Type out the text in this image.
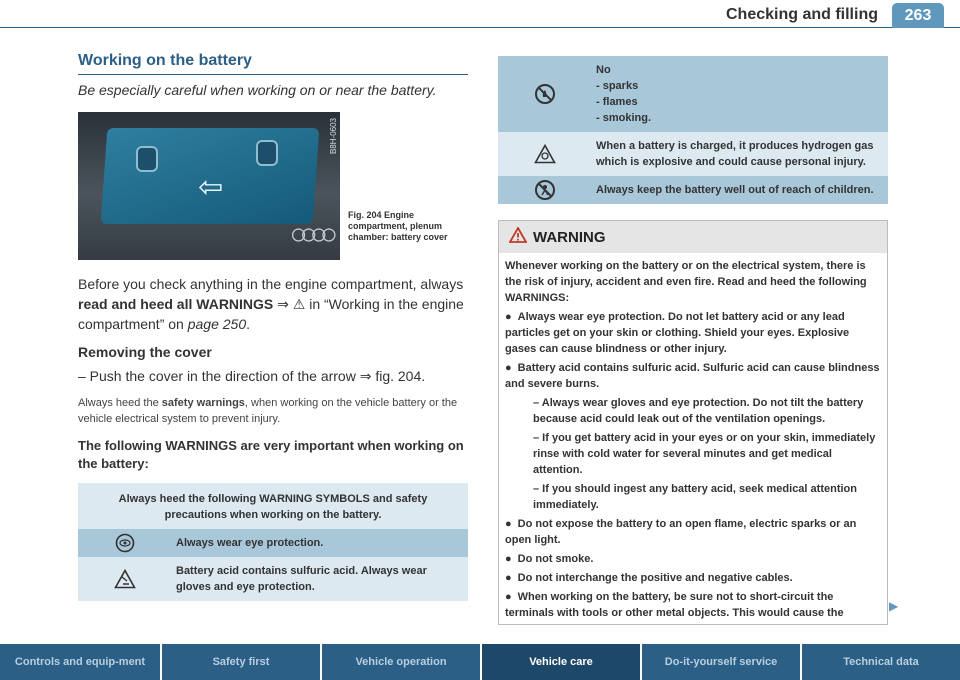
Checking and filling	263
Working on the battery
Be especially careful when working on or near the battery.
⇦
○○○○
B8H-0603
Fig. 204 Engine compartment, plenum chamber: battery cover
Before you check anything in the engine compartment, always read and heed all WARNINGS ⇒ ⚠ in “Working in the engine compartment” on page 250.
Removing the cover
– Push the cover in the direction of the arrow ⇒ fig. 204.
Always heed the safety warnings, when working on the vehicle battery or the vehicle electrical system to prevent injury.
The following WARNINGS are very important when working on the battery:
Always heed the following WARNING SYMBOLS and safety precautions when working on the battery.
Always wear eye protection.
Battery acid contains sulfuric acid. Always wear gloves and eye protection.
No
- sparks
- flames
- smoking.
When a battery is charged, it produces hydrogen gas which is explosive and could cause personal injury.
Always keep the battery well out of reach of children.
WARNING

Whenever working on the battery or on the electrical system, there is the risk of injury, accident and even fire. Read and heed the following WARNINGS:

● Always wear eye protection. Do not let battery acid or any lead particles get on your skin or clothing. Shield your eyes. Explosive gases can cause blindness or other injury.

● Battery acid contains sulfuric acid. Sulfuric acid can cause blindness and severe burns.

– Always wear gloves and eye protection. Do not tilt the battery because acid could leak out of the ventilation openings.

– If you get battery acid in your eyes or on your skin, immediately rinse with cold water for several minutes and get medical attention.

– If you should ingest any battery acid, seek medical attention immediately.

● Do not expose the battery to an open flame, electric sparks or an open light.

● Do not smoke.

● Do not interchange the positive and negative cables.

● When working on the battery, be sure not to short-circuit the terminals with tools or other metal objects. This would cause the	▶
Controls and equip-ment	Safety first	Vehicle operation	Vehicle care	Do-it-yourself service	Technical data
